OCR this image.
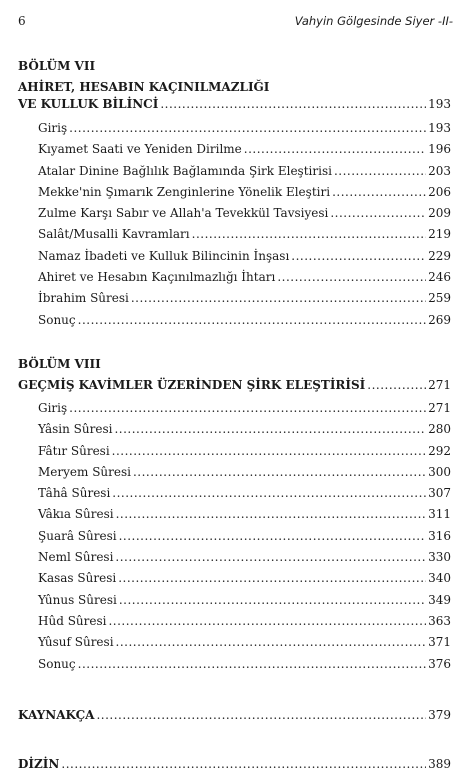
6	Vahyin Gölgesinde Siyer -II-
BÖLÜM VII
AHİRET, HESABIN KAÇINILMAZLIĞI
VE KULLUK BİLİNCİ .....	193
Giriş .....	193
Kıyamet Saati ve Yeniden Dirilme .....	196
Atalar Dinine Bağlılık Bağlamında Şirk Eleştirisi .....	203
Mekke'nin Şımarık Zenginlerine Yönelik Eleştiri .....	206
Zulme Karşı Sabır ve Allah'a Tevekkül Tavsiyesi .....	209
Salât/Musalli Kavramları .....	219
Namaz İbadeti ve Kulluk Bilincinin İnşası .....	229
Ahiret ve Hesabın Kaçınılmazlığı İhtarı .....	246
İbrahim Sûresi .....	259
Sonuç .....	269
BÖLÜM VIII
GEÇMİŞ KAVİMLER ÜZERİNDEN ŞİRK ELEŞTİRİSİ .....	271
Giriş .....	271
Yâsin Sûresi .....	280
Fâtır Sûresi .....	292
Meryem Sûresi .....	300
Tâhâ Sûresi .....	307
Vâkıa Sûresi .....	311
Şuarâ Sûresi .....	316
Neml Sûresi .....	330
Kasas Sûresi .....	340
Yûnus Sûresi .....	349
Hûd Sûresi .....	363
Yûsuf Sûresi .....	371
Sonuç .....	376
KAYNAKÇA .....	379
DİZİN .....	389
